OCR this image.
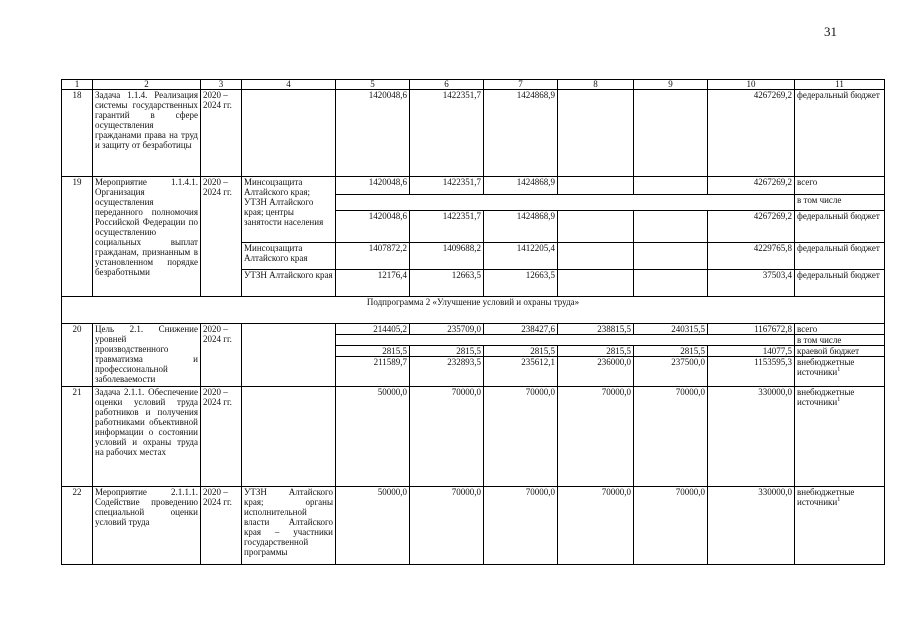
31
1	2	3	4	5	6	7	8	9	10	11
18	Задача 1.1.4. Реализация системы государственных гарантий в сфере осуществления гражданами права на труд и защиту от безработицы	2020 – 2024 гг.		1420048,6	1422351,7	1424868,9			4267269,2	федеральный бюджет
19	Мероприятие 1.1.4.1. Организация осуществления переданного полномочия Российской Федерации по осуществлению социальных выплат гражданам, признанным в установленном порядке безработными	2020 – 2024 гг.	Минсоцзащита Алтайского края; УТЗН Алтайского края; центры занятости населения	1420048,6	1422351,7	1424868,9			4267269,2	всего
										в том числе
				1420048,6	1422351,7	1424868,9			4267269,2	федеральный бюджет
			Минсоцзащита Алтайского края	1407872,2	1409688,2	1412205,4			4229765,8	федеральный бюджет
			УТЗН Алтайского края	12176,4	12663,5	12663,5			37503,4	федеральный бюджет
Подпрограмма 2 «Улучшение условий и охраны труда»										
20	Цель 2.1. Снижение уровней производственного травматизма и профессиональной заболеваемости	2020 – 2024 гг.		214405,2	235709,0	238427,6	238815,5	240315,5	1167672,8	всего
										в том числе
				2815,5	2815,5	2815,5	2815,5	2815,5	14077,5	краевой бюджет
				211589,7	232893,5	235612,1	236000,0	237500,0	1153595,3	внебюджетные источники$^1$
21	Задача 2.1.1. Обеспечение оценки условий труда работников и получения работниками объективной информации о состоянии условий и охраны труда на рабочих местах	2020 – 2024 гг.		50000,0	70000,0	70000,0	70000,0	70000,0	330000,0	внебюджетные источники$^1$
22	Мероприятие 2.1.1.1. Содействие проведению специальной оценки условий труда	2020 – 2024 гг.	УТЗН Алтайского края; органы исполнительной власти Алтайского края – участники государственной программы	50000,0	70000,0	70000,0	70000,0	70000,0	330000,0	внебюджетные источники$^1$
